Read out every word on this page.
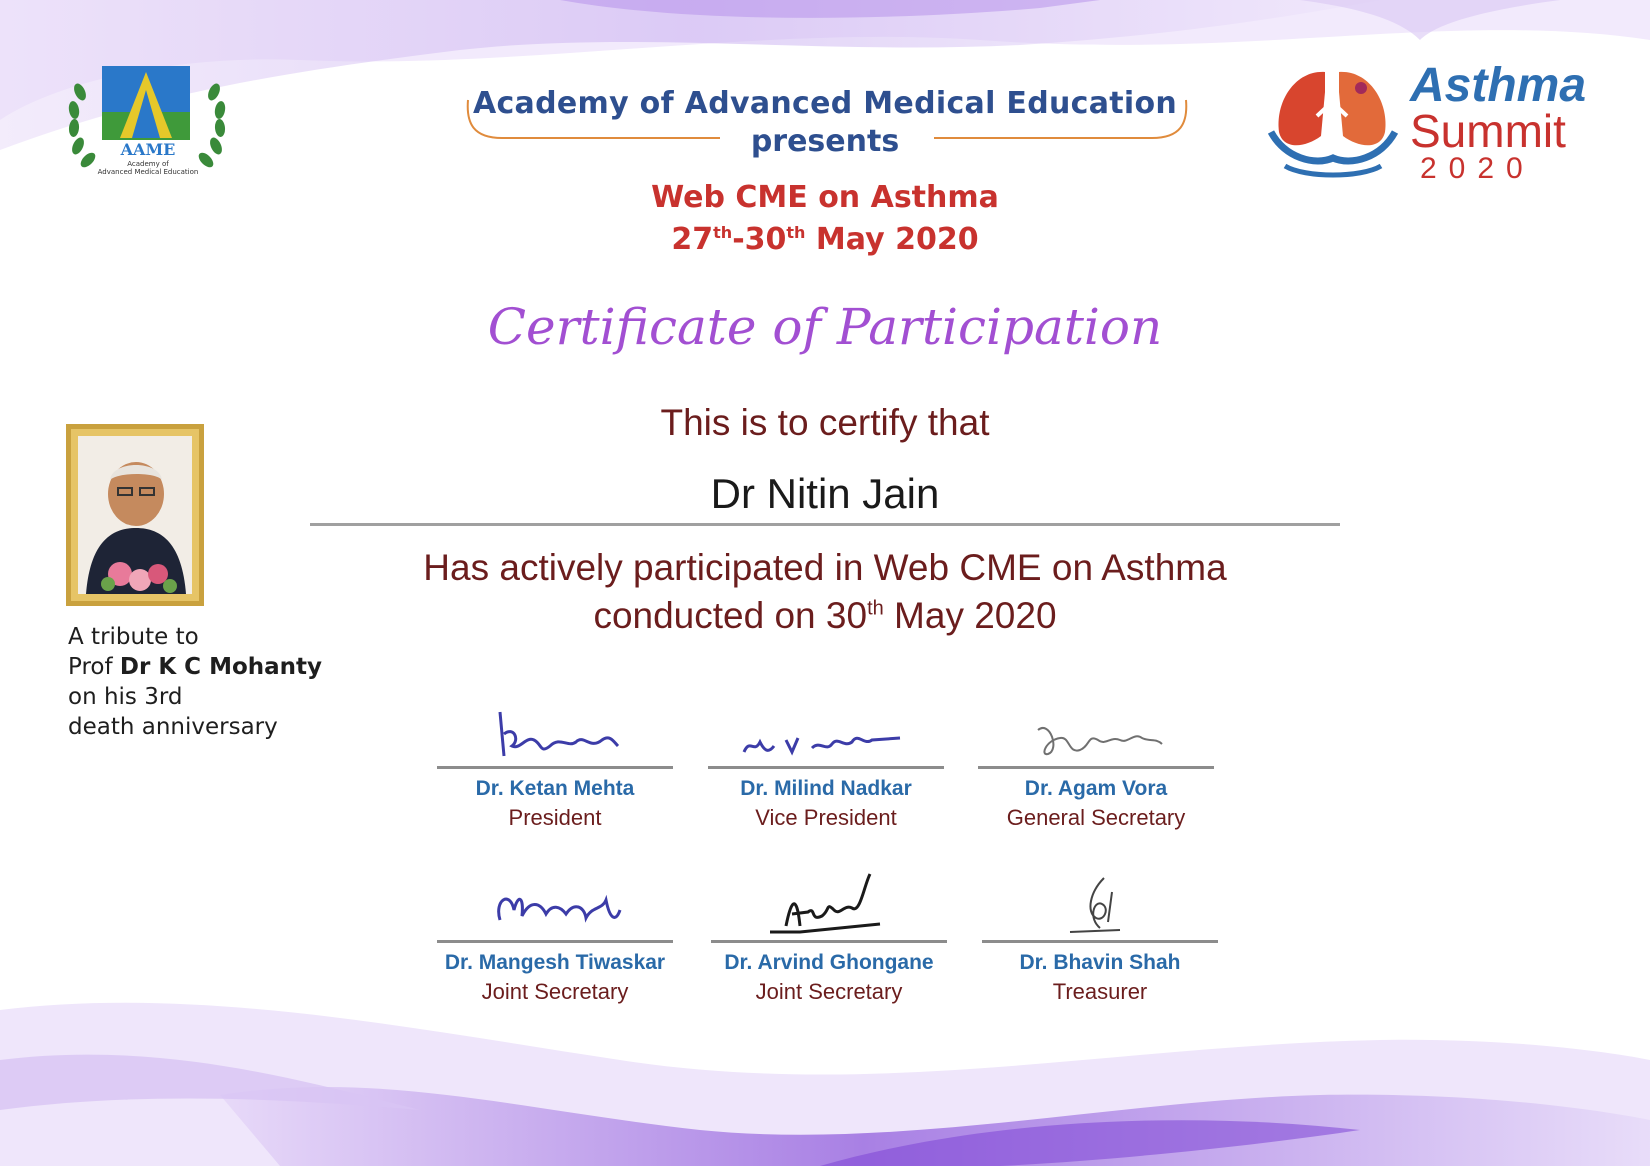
AAME
Academy of
Advanced Medical Education
Academy of Advanced Medical Education
presents
Web CME on Asthma
27th-30th May 2020
Asthma
Summit
2020
Certificate of Participation
This is to certify that
Dr Nitin Jain
Has actively participated in Web CME on Asthma
conducted on 30th May 2020
A tribute to
Prof Dr K C Mohanty
on his 3rd
death anniversary
Dr. Ketan Mehta
President
Dr. Milind Nadkar
Vice President
Dr. Agam Vora
General Secretary
Dr. Mangesh Tiwaskar
Joint Secretary
Dr. Arvind Ghongane
Joint Secretary
Dr. Bhavin Shah
Treasurer
